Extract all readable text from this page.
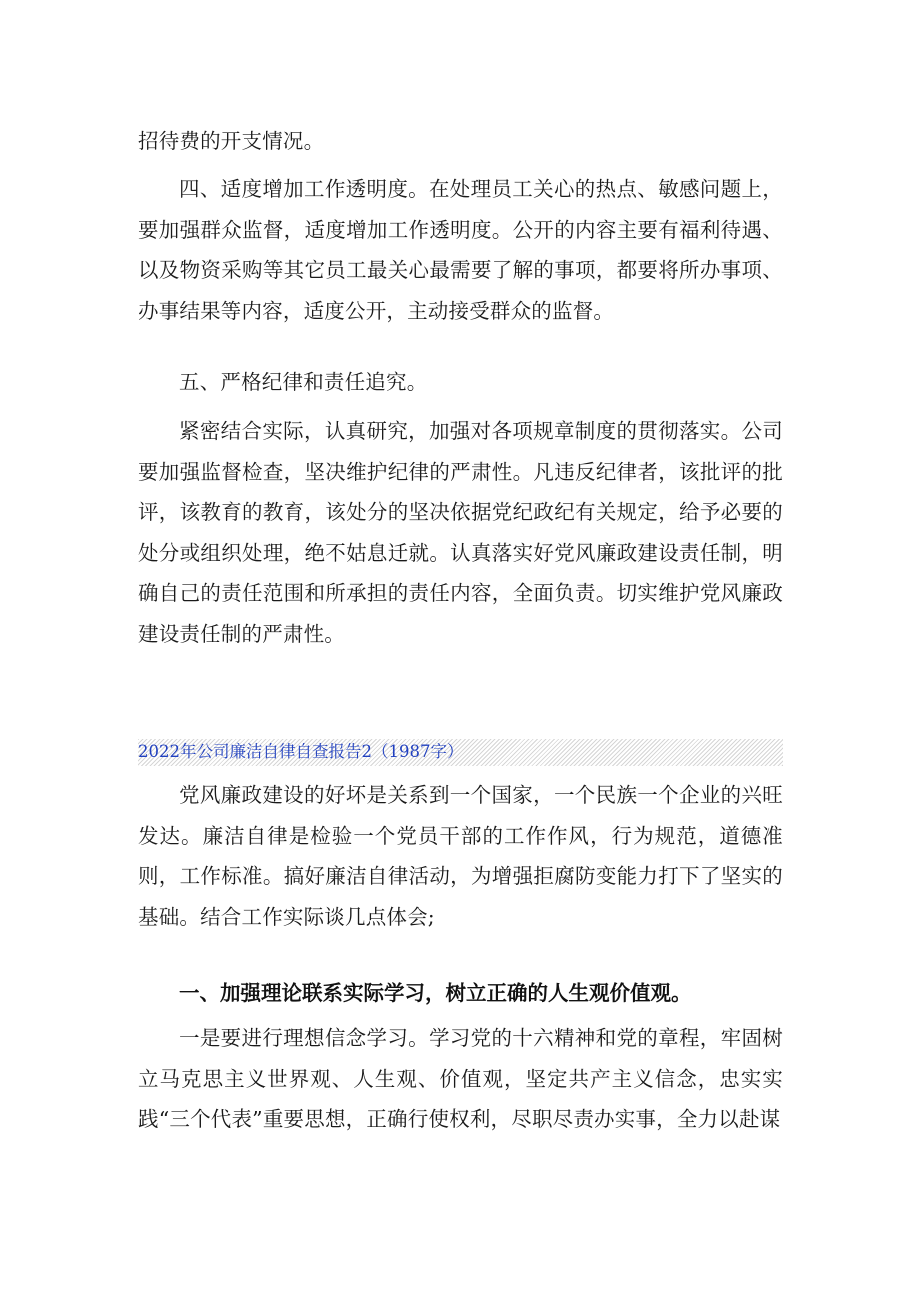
招待费的开支情况。

四、适度增加工作透明度。在处理员工关心的热点、敏感问题上，要加强群众监督，适度增加工作透明度。公开的内容主要有福利待遇、以及物资采购等其它员工最关心最需要了解的事项，都要将所办事项、办事结果等内容，适度公开，主动接受群众的监督。

五、严格纪律和责任追究。

紧密结合实际，认真研究，加强对各项规章制度的贯彻落实。公司要加强监督检查，坚决维护纪律的严肃性。凡违反纪律者，该批评的批评，该教育的教育，该处分的坚决依据党纪政纪有关规定，给予必要的处分或组织处理，绝不姑息迁就。认真落实好党风廉政建设责任制，明确自己的责任范围和所承担的责任内容，全面负责。切实维护党风廉政建设责任制的严肃性。

2022年公司廉洁自律自查报告2（1987字）

党风廉政建设的好坏是关系到一个国家，一个民族一个企业的兴旺发达。廉洁自律是检验一个党员干部的工作作风，行为规范，道德准则，工作标准。搞好廉洁自律活动，为增强拒腐防变能力打下了坚实的基础。结合工作实际谈几点体会;

一、加强理论联系实际学习，树立正确的人生观价值观。

一是要进行理想信念学习。学习党的十六精神和党的章程，牢固树立马克思主义世界观、人生观、价值观，坚定共产主义信念，忠实实践“三个代表”重要思想，正确行使权利，尽职尽责办实事，全力以赴谋
